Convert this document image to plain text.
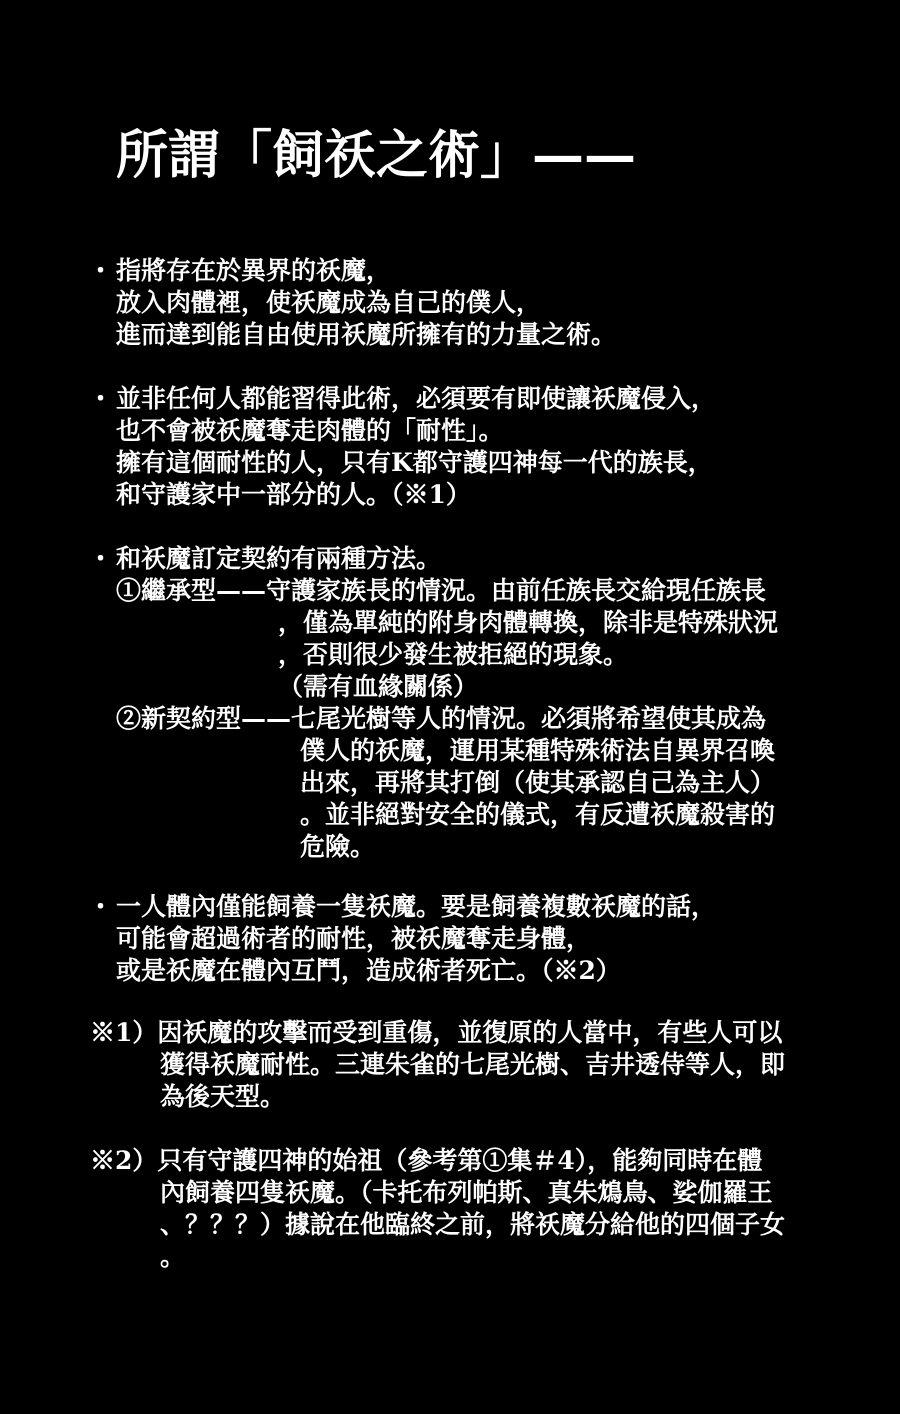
所謂「飼祅之術」——
・ 指將存在於異界的祅魔，
放入肉體裡，使祅魔成為自己的僕人，
進而達到能自由使用祅魔所擁有的力量之術。
・ 並非任何人都能習得此術，必須要有即使讓祅魔侵入，
也不會被祅魔奪走肉體的「耐性」。
擁有這個耐性的人，只有K都守護四神每一代的族長，
和守護家中一部分的人。（※1）
・ 和祅魔訂定契約有兩種方法。
①繼承型——守護家族長的情況。由前任族長交給現任族長
，僅為單純的附身肉體轉換，除非是特殊狀況
，否則很少發生被拒絕的現象。
（需有血緣關係）
②新契約型——七尾光樹等人的情況。必須將希望使其成為
僕人的祅魔，運用某種特殊術法自異界召喚
出來，再將其打倒（使其承認自己為主人）
。並非絕對安全的儀式，有反遭祅魔殺害的
危險。
・ 一人體內僅能飼養一隻祅魔。要是飼養複數祅魔的話，
可能會超過術者的耐性，被祅魔奪走身體，
或是祅魔在體內互鬥，造成術者死亡。（※2）
※1）因祅魔的攻擊而受到重傷，並復原的人當中，有些人可以
獲得祅魔耐性。三連朱雀的七尾光樹、吉井透侍等人，即
為後天型。
※2）只有守護四神的始祖（參考第①集＃4），能夠同時在體
內飼養四隻祅魔。（卡托布列帕斯、真朱鴆鳥、娑伽羅王
、？？？）據說在他臨終之前，將祅魔分給他的四個子女
。
